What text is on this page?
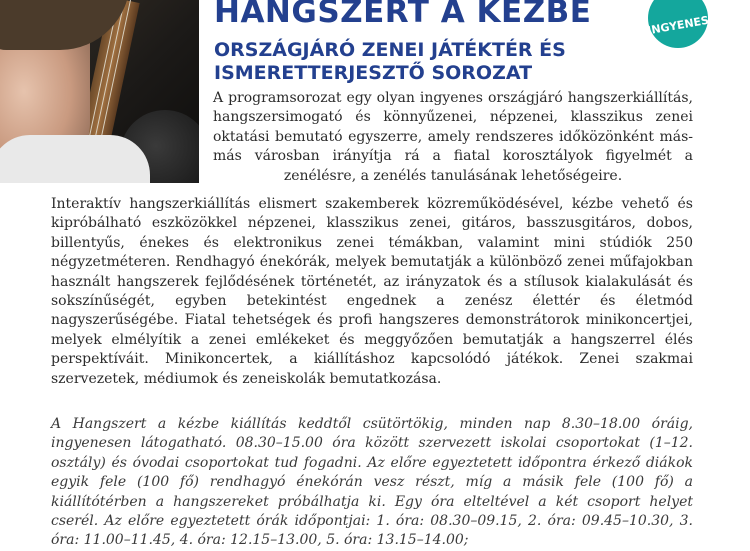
HANGSZERT A KEZBE
ORSZÁGJÁRÓ ZENEI JÁTÉKTÉR ÉS ISMERETTERJESZTŐ SOROZAT
INGYENES

A programsorozat egy olyan ingyenes országjáró hangszerkiállítás, hangszersimogató és könnyűzenei, népzenei, klasszikus zenei oktatási bemutató egyszerre, amely rendszeres időközönként más-más városban irányítja rá a fiatal korosztályok figyelmét a zenélésre, a zenélés tanulásának lehetőségeire.

Interaktív hangszerkiállítás elismert szakemberek közreműködésével, kézbe vehető és kipróbálható eszközökkel népzenei, klasszikus zenei, gitáros, basszusgitáros, dobos, billentyűs, énekes és elektronikus zenei témákban, valamint mini stúdiók 250 négyzetméteren. Rendhagyó énekórák, melyek bemutatják a különböző zenei műfajokban használt hangszerek fejlődésének történetét, az irányzatok és a stílusok kialakulását és sokszínűségét, egyben betekintést engednek a zenész élettér és életmód nagyszerűségébe. Fiatal tehetségek és profi hangszeres demonstrátorok minikoncertjei, melyek elmélyítik a zenei emlékeket és meggyőzően bemutatják a hangszerrel élés perspektíváit. Minikoncertek, a kiállításhoz kapcsolódó játékok. Zenei szakmai szervezetek, médiumok és zeneiskolák bemutatkozása.

A Hangszert a kézbe kiállítás keddtől csütörtökig, minden nap 8.30–18.00 óráig, ingyenesen látogatható. 08.30–15.00 óra között szervezett iskolai csoportokat (1–12. osztály) és óvodai csoportokat tud fogadni. Az előre egyeztetett időpontra érkező diákok egyik fele (100 fő) rendhagyó énekórán vesz részt, míg a másik fele (100 fő) a kiállítótérben a hangszereket próbálhatja ki. Egy óra elteltével a két csoport helyet cserél. Az előre egyeztetett órák időpontjai: 1. óra: 08.30–09.15, 2. óra: 09.45–10.30, 3. óra: 11.00–11.45, 4. óra: 12.15–13.00, 5. óra: 13.15–14.00;
